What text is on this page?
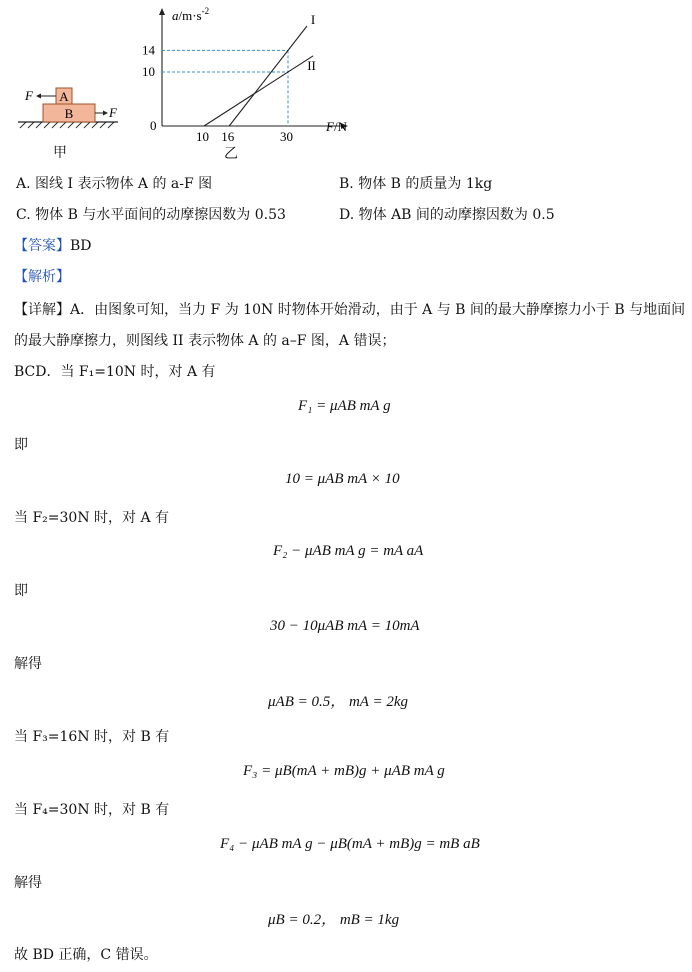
A
B
F
F
甲
$a/m\cdot s^{-2}$
F/N
0
14
10
10 16	30
I
II
乙
A. 图线 I 表示物体 A 的 a-F 图	B. 物体 B 的质量为 1kg
C. 物体 B 与水平面间的动摩擦因数为 0.53	D. 物体 AB 间的动摩擦因数为 0.5
【答案】BD
【解析】
【详解】A．由图象可知，当力 F 为 10N 时物体开始滑动，由于 A 与 B 间的最大静摩擦力小于 B 与地面间
的最大静摩擦力，则图线 II 表示物体 A 的 a–F 图，A 错误；
BCD．当 F₁=10N 时，对 A 有
F₁ = μAB mA g
即
10 = μAB mA × 10
当 F₂=30N 时，对 A 有
F₂ − μAB mA g = mA aA
即
30 − 10μAB mA = 10mA
解得
μAB = 0.5， mA = 2kg
当 F₃=16N 时，对 B 有
F₃ = μB(mA + mB)g + μAB mA g
当 F₄=30N 时，对 B 有
F₄ − μAB mA g − μB(mA + mB)g = mB aB
解得
μB = 0.2， mB = 1kg
故 BD 正确，C 错误。
